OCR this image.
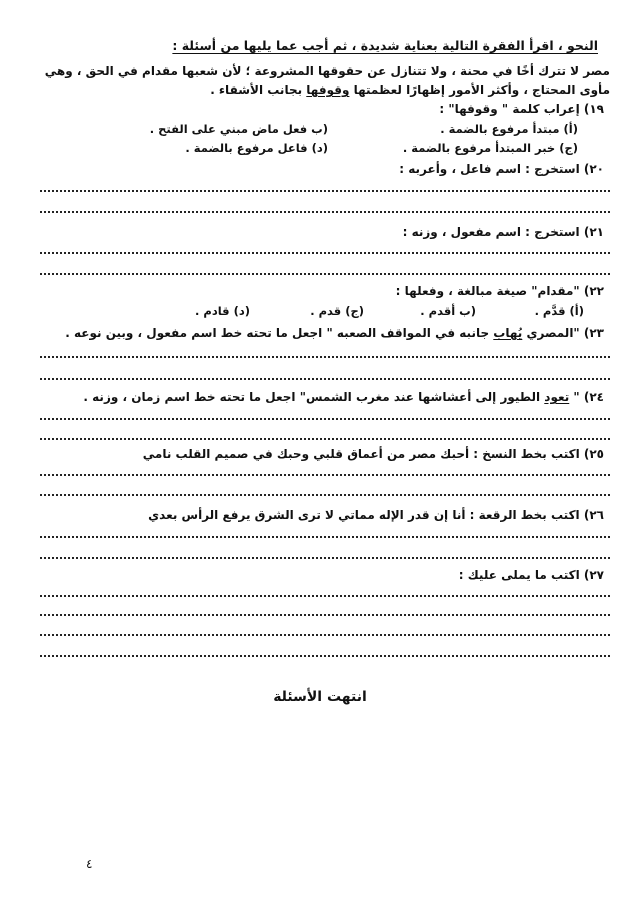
النحو ، اقرأ الفقرة التالية بعناية شديدة ، ثم أجب عما يليها من أسئلة :
مصر لا تترك أخًا في محنة ، ولا تتنازل عن حقوقها المشروعة ؛ لأن شعبها مقدام في الحق ، وهي
مأوى المحتاج ، وأكثر الأمور إظهارًا لعظمتها وقوفها بجانب الأشقاء .
١٩) إعراب كلمة " وقوفها" :
(أ) مبتدأ مرفوع بالضمة .
(ب فعل ماض مبني على الفتح .
(ج) خبر المبتدأ مرفوع بالضمة .
(د) فاعل مرفوع بالضمة .
٢٠) استخرج : اسم فاعل ، وأعربه :
٢١) استخرج : اسم مفعول ، وزنه :
٢٢) "مقدام" صيغة مبالغة ، وفعلها :
(أ) قدَّم .
(ب أقدم .
(ج) قدم .
(د) قادم .
٢٣) "المصري يُهاب جانبه في المواقف الصعبه " اجعل ما تحته خط اسم مفعول ، وبين نوعه .
٢٤) " تعود الطيور إلى أعشاشها عند مغرب الشمس" اجعل ما تحته خط اسم زمان ، وزنه .
٢٥) اكتب بخط النسخ : أحبك مصر من أعماق قلبي وحبك في صميم القلب نامي
٢٦) اكتب بخط الرقعة : أنا إن قدر الإله مماتي لا ترى الشرق يرفع الرأس بعدي
٢٧) اكتب ما يملى عليك :
انتهت الأسئلة
٤
